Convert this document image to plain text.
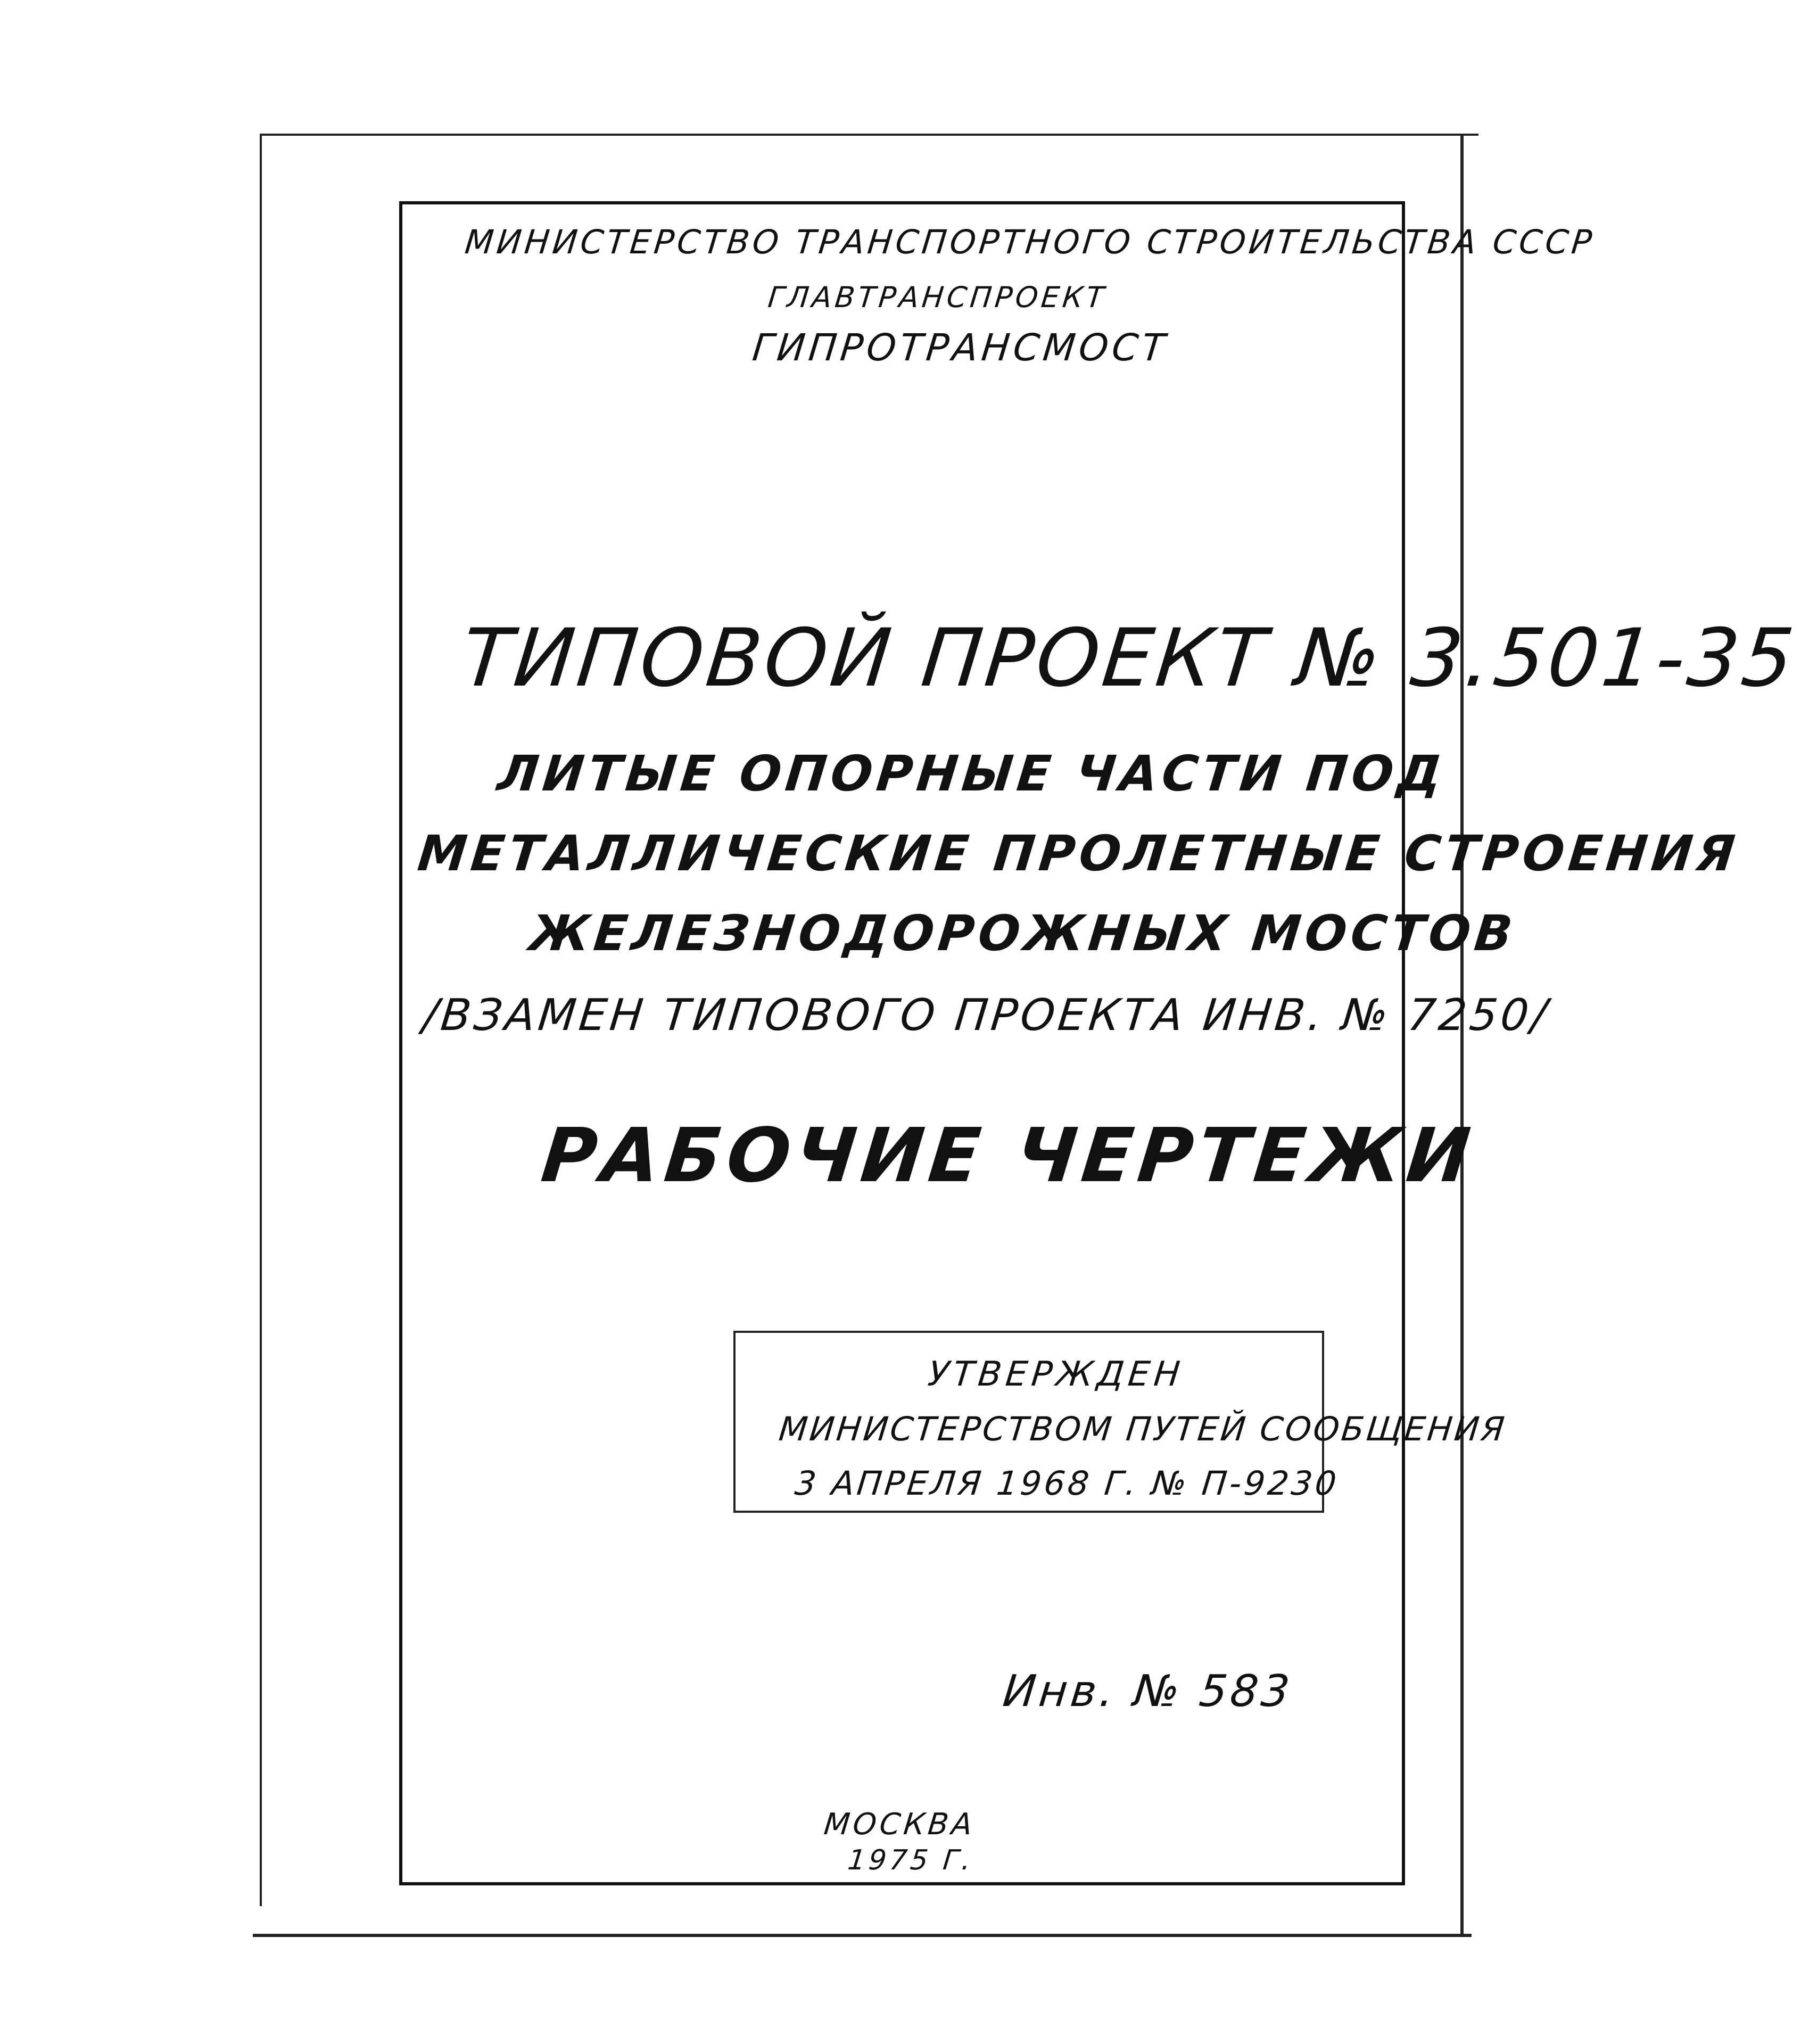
МИНИСТЕРСТВО ТРАНСПОРТНОГО СТРОИТЕЛЬСТВА СССР
ГЛАВТРАНСПРОЕКТ
ГИПРОТРАНСМОСТ
ТИПОВОЙ ПРОЕКТ № 3.501-35
ЛИТЫЕ ОПОРНЫЕ ЧАСТИ ПОД
МЕТАЛЛИЧЕСКИЕ ПРОЛЕТНЫЕ СТРОЕНИЯ
ЖЕЛЕЗНОДОРОЖНЫХ МОСТОВ
/ВЗАМЕН ТИПОВОГО ПРОЕКТА ИНВ. № 7250/
РАБОЧИЕ ЧЕРТЕЖИ
УТВЕРЖДЕН
МИНИСТЕРСТВОМ ПУТЕЙ СООБЩЕНИЯ
3 АПРЕЛЯ 1968 Г. № П-9230
Инв. № 583
МОСКВА
1975 Г.
